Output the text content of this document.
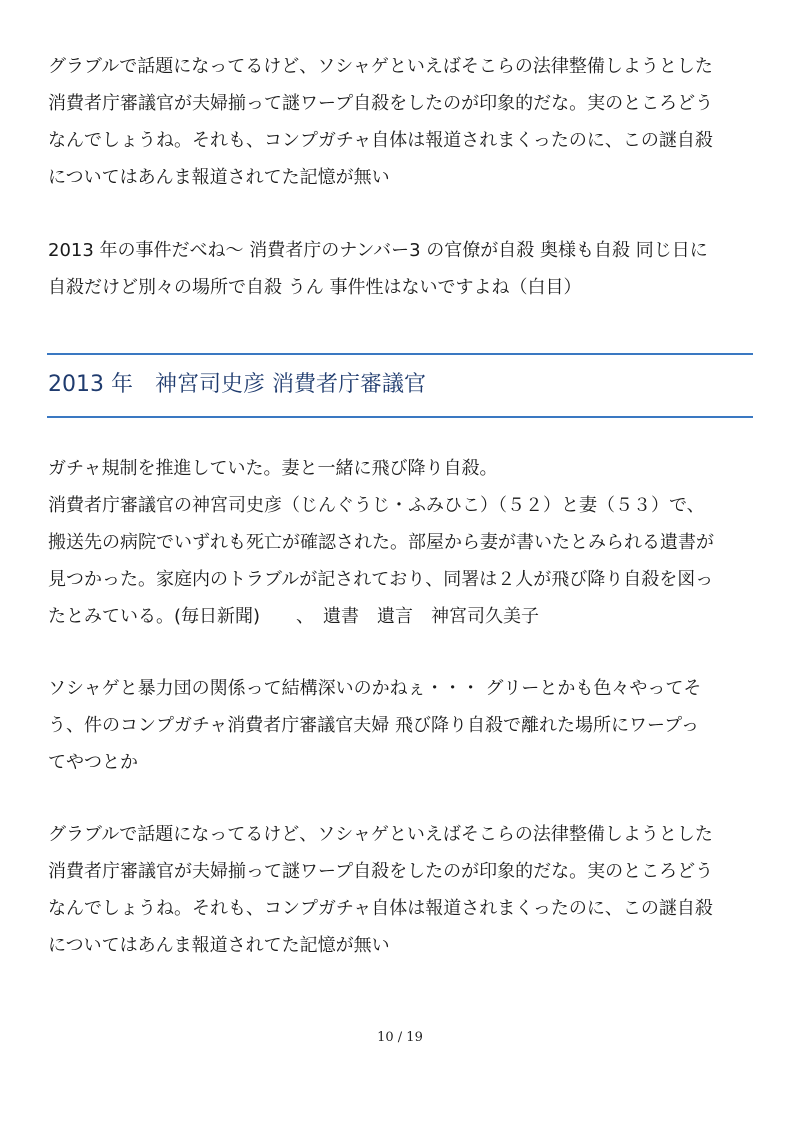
グラブルで話題になってるけど、ソシャゲといえばそこらの法律整備しようとした
消費者庁審議官が夫婦揃って謎ワープ自殺をしたのが印象的だな。実のところどう
なんでしょうね。それも、コンプガチャ自体は報道されまくったのに、この謎自殺
についてはあんま報道されてた記憶が無い
2013 年の事件だべね～ 消費者庁のナンバー3 の官僚が自殺 奥様も自殺 同じ日に
自殺だけど別々の場所で自殺 うん 事件性はないですよね（白目）
2013 年　神宮司史彦 消費者庁審議官
ガチャ規制を推進していた。妻と一緒に飛び降り自殺。
消費者庁審議官の神宮司史彦（じんぐうじ・ふみひこ）（５２）と妻（５３）で、
搬送先の病院でいずれも死亡が確認された。部屋から妻が書いたとみられる遺書が
見つかった。家庭内のトラブルが記されており、同署は２人が飛び降り自殺を図っ
たとみている。(毎日新聞)　　、　遺書　遺言　神宮司久美子
ソシャゲと暴力団の関係って結構深いのかねぇ・・・ グリーとかも色々やってそ
う、件のコンプガチャ消費者庁審議官夫婦 飛び降り自殺で離れた場所にワープっ
てやつとか
グラブルで話題になってるけど、ソシャゲといえばそこらの法律整備しようとした
消費者庁審議官が夫婦揃って謎ワープ自殺をしたのが印象的だな。実のところどう
なんでしょうね。それも、コンプガチャ自体は報道されまくったのに、この謎自殺
についてはあんま報道されてた記憶が無い
10 / 19
